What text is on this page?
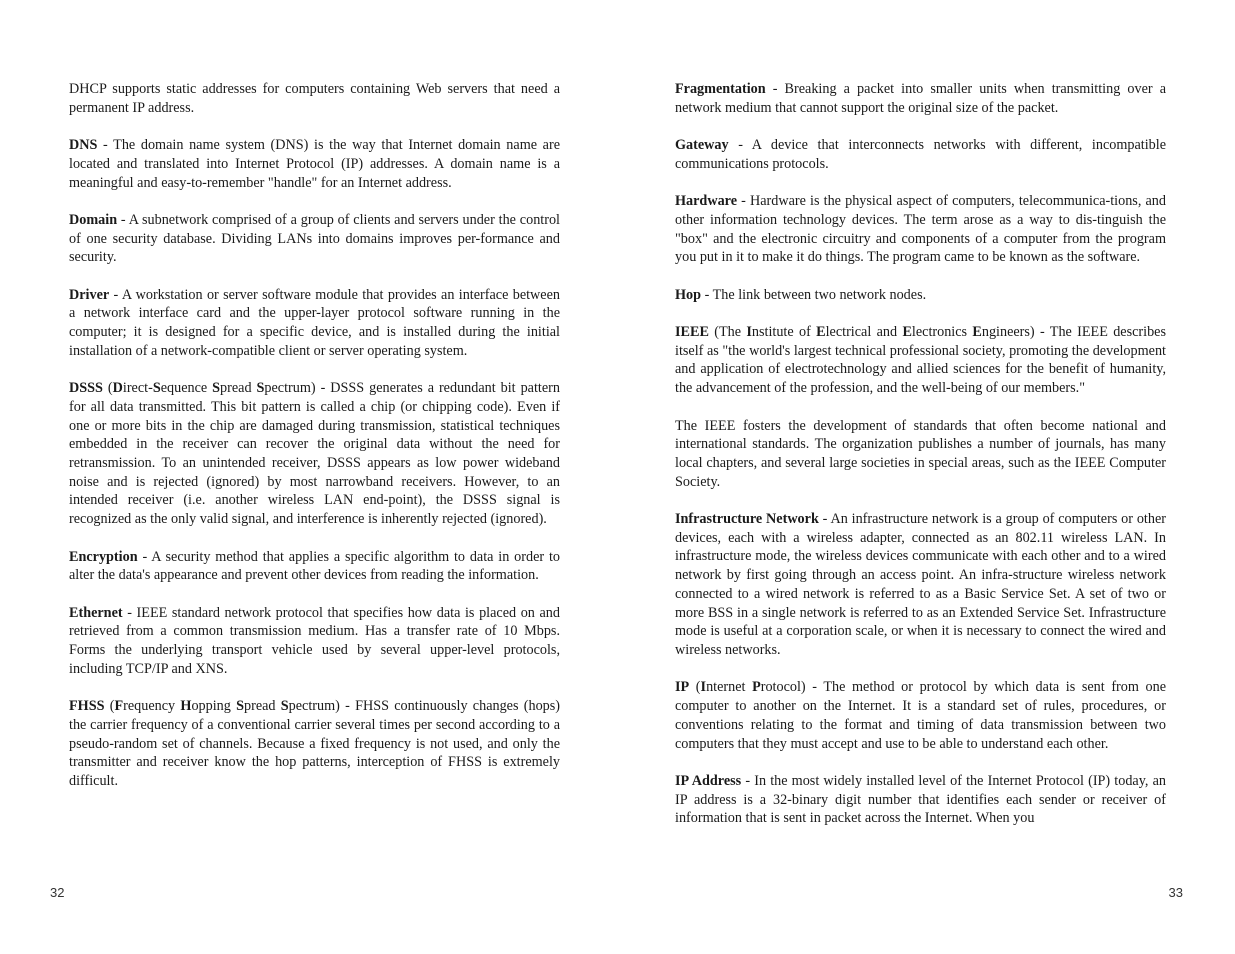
DHCP supports static addresses for computers containing Web servers that need a permanent IP address.

DNS - The domain name system (DNS) is the way that Internet domain name are located and translated into Internet Protocol (IP) addresses. A domain name is a meaningful and easy-to-remember "handle" for an Internet address.

Domain - A subnetwork comprised of a group of clients and servers under the control of one security database. Dividing LANs into domains improves per-formance and security.

Driver - A workstation or server software module that provides an interface between a network interface card and the upper-layer protocol software running in the computer; it is designed for a specific device, and is installed during the initial installation of a network-compatible client or server operating system.

DSSS (Direct-Sequence Spread Spectrum) - DSSS generates a redundant bit pattern for all data transmitted. This bit pattern is called a chip (or chipping code). Even if one or more bits in the chip are damaged during transmission, statistical techniques embedded in the receiver can recover the original data without the need for retransmission. To an unintended receiver, DSSS appears as low power wideband noise and is rejected (ignored) by most narrowband receivers. However, to an intended receiver (i.e. another wireless LAN end-point), the DSSS signal is recognized as the only valid signal, and interference is inherently rejected (ignored).

Encryption - A security method that applies a specific algorithm to data in order to alter the data's appearance and prevent other devices from reading the information.

Ethernet - IEEE standard network protocol that specifies how data is placed on and retrieved from a common transmission medium. Has a transfer rate of 10 Mbps. Forms the underlying transport vehicle used by several upper-level protocols, including TCP/IP and XNS.

FHSS (Frequency Hopping Spread Spectrum) - FHSS continuously changes (hops) the carrier frequency of a conventional carrier several times per second according to a pseudo-random set of channels. Because a fixed frequency is not used, and only the transmitter and receiver know the hop patterns, interception of FHSS is extremely difficult.

32

Fragmentation - Breaking a packet into smaller units when transmitting over a network medium that cannot support the original size of the packet.

Gateway - A device that interconnects networks with different, incompatible communications protocols.

Hardware - Hardware is the physical aspect of computers, telecommunica-tions, and other information technology devices. The term arose as a way to dis-tinguish the "box" and the electronic circuitry and components of a computer from the program you put in it to make it do things. The program came to be known as the software.

Hop - The link between two network nodes.

IEEE (The Institute of Electrical and Electronics Engineers) - The IEEE describes itself as "the world's largest technical professional society, promoting the development and application of electrotechnology and allied sciences for the benefit of humanity, the advancement of the profession, and the well-being of our members."

The IEEE fosters the development of standards that often become national and international standards. The organization publishes a number of journals, has many local chapters, and several large societies in special areas, such as the IEEE Computer Society.

Infrastructure Network - An infrastructure network is a group of computers or other devices, each with a wireless adapter, connected as an 802.11 wireless LAN. In infrastructure mode, the wireless devices communicate with each other and to a wired network by first going through an access point. An infra-structure wireless network connected to a wired network is referred to as a Basic Service Set. A set of two or more BSS in a single network is referred to as an Extended Service Set. Infrastructure mode is useful at a corporation scale, or when it is necessary to connect the wired and wireless networks.

IP (Internet Protocol) - The method or protocol by which data is sent from one computer to another on the Internet. It is a standard set of rules, procedures, or conventions relating to the format and timing of data transmission between two computers that they must accept and use to be able to understand each other.

IP Address - In the most widely installed level of the Internet Protocol (IP) today, an IP address is a 32-binary digit number that identifies each sender or receiver of information that is sent in packet across the Internet. When you

33
